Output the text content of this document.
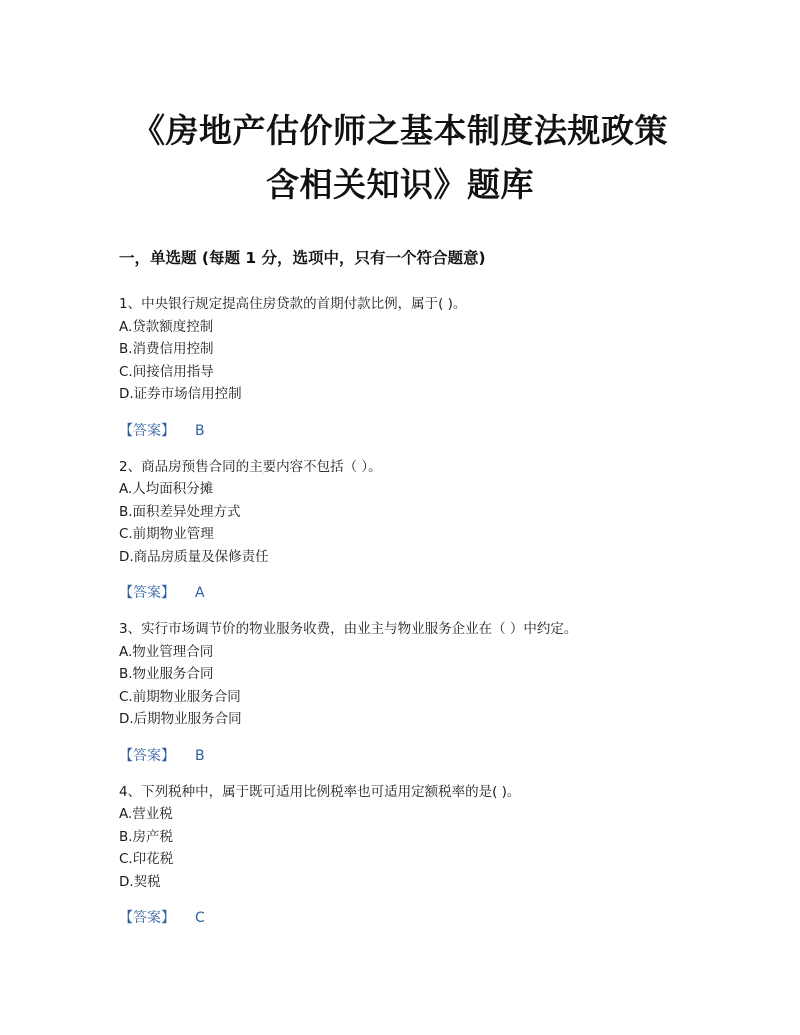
《房地产估价师之基本制度法规政策
含相关知识》题库
一，单选题 (每题 1 分，选项中，只有一个符合题意)
1、中央银行规定提高住房贷款的首期付款比例，属于( )。
A.贷款额度控制
B.消费信用控制
C.间接信用指导
D.证券市场信用控制
【答案】 B
2、商品房预售合同的主要内容不包括（ ）。
A.人均面积分摊
B.面积差异处理方式
C.前期物业管理
D.商品房质量及保修责任
【答案】 A
3、实行市场调节价的物业服务收费，由业主与物业服务企业在（ ）中约定。
A.物业管理合同
B.物业服务合同
C.前期物业服务合同
D.后期物业服务合同
【答案】 B
4、下列税种中，属于既可适用比例税率也可适用定额税率的是( )。
A.营业税
B.房产税
C.印花税
D.契税
【答案】 C
